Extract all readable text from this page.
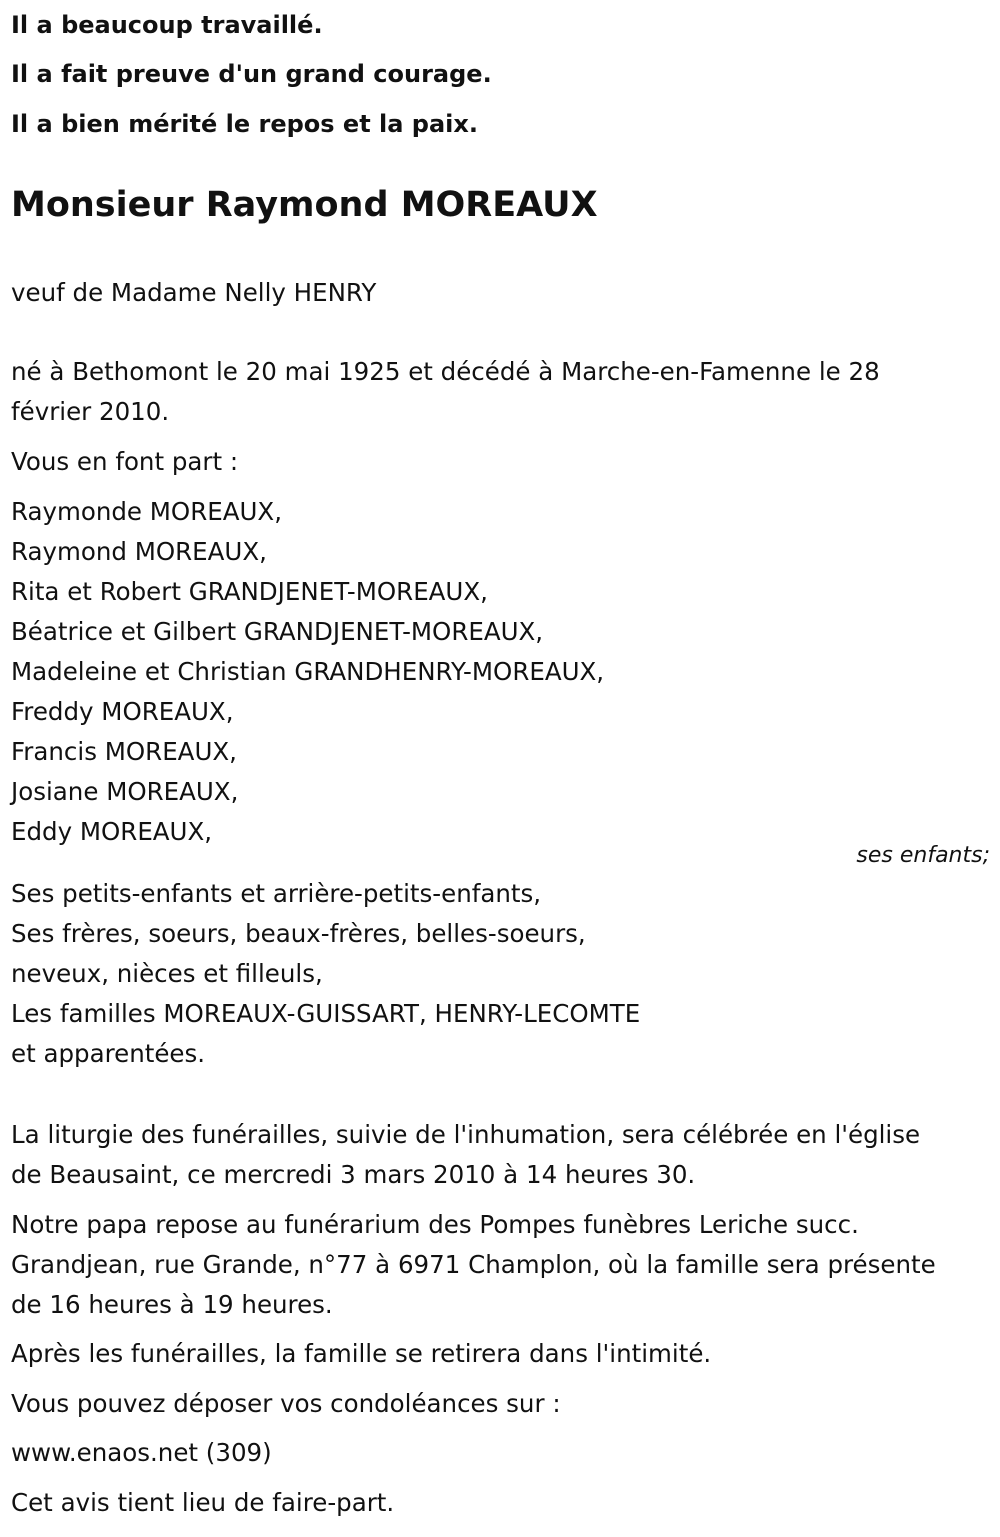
Il a beaucoup travaillé.
Il a fait preuve d'un grand courage.
Il a bien mérité le repos et la paix.
Monsieur Raymond MOREAUX
veuf de Madame Nelly HENRY
né à Bethomont le 20 mai 1925 et décédé à Marche-en-Famenne le 28
février 2010.
Vous en font part :
Raymonde MOREAUX,
Raymond MOREAUX,
Rita et Robert GRANDJENET-MOREAUX,
Béatrice et Gilbert GRANDJENET-MOREAUX,
Madeleine et Christian GRANDHENRY-MOREAUX,
Freddy MOREAUX,
Francis MOREAUX,
Josiane MOREAUX,
Eddy MOREAUX,
ses enfants;
Ses petits-enfants et arrière-petits-enfants,
Ses frères, soeurs, beaux-frères, belles-soeurs,
neveux, nièces et filleuls,
Les familles MOREAUX-GUISSART, HENRY-LECOMTE
et apparentées.
La liturgie des funérailles, suivie de l'inhumation, sera célébrée en l'église
de Beausaint, ce mercredi 3 mars 2010 à 14 heures 30.
Notre papa repose au funérarium des Pompes funèbres Leriche succ.
Grandjean, rue Grande, n°77 à 6971 Champlon, où la famille sera présente
de 16 heures à 19 heures.
Après les funérailles, la famille se retirera dans l'intimité.
Vous pouvez déposer vos condoléances sur :
www.enaos.net (309)
Cet avis tient lieu de faire-part.
